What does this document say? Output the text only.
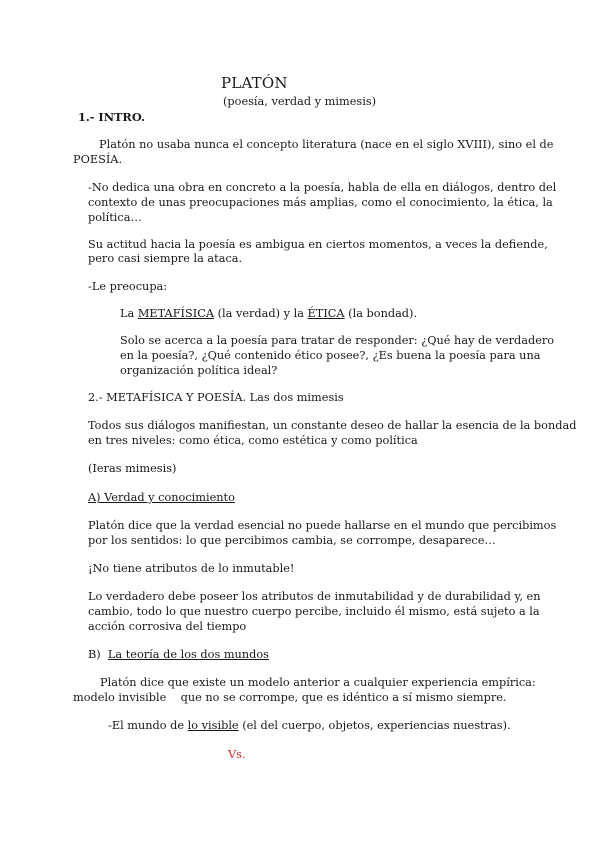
PLATÓN
(poesía, verdad y mimesis)
1.- INTRO.
Platón no usaba nunca el concepto literatura (nace en el siglo XVIII), sino el de
POESÍA.
-No dedica una obra en concreto a la poesía, habla de ella en diálogos, dentro del
contexto de unas preocupaciones más amplias, como el conocimiento, la ética, la
política…
Su actitud hacia la poesía es ambigua en ciertos momentos, a veces la defiende,
pero casi siempre la ataca.
-Le preocupa:
La METAFÍSICA (la verdad) y la ÉTICA (la bondad).
Solo se acerca a la poesía para tratar de responder: ¿Qué hay de verdadero
en la poesía?, ¿Qué contenido ético posee?, ¿Es buena la poesía para una
organización política ideal?
2.- METAFÍSICA Y POESÍA. Las dos mimesis
Todos sus diálogos manifiestan, un constante deseo de hallar la esencia de la bondad
en tres niveles: como ética, como estética y como política
(Ieras mimesis)
A) Verdad y conocimiento
Platón dice que la verdad esencial no puede hallarse en el mundo que percibimos
por los sentidos: lo que percibimos cambia, se corrompe, desaparece…
¡No tiene atributos de lo inmutable!
Lo verdadero debe poseer los atributos de inmutabilidad y de durabilidad y, en
cambio, todo lo que nuestro cuerpo percibe, incluido él mismo, está sujeto a la
acción corrosiva del tiempo
B) La teoría de los dos mundos
Platón dice que existe un modelo anterior a cualquier experiencia empírica:
modelo invisible    que no se corrompe, que es idéntico a sí mismo siempre.
-El mundo de lo visible (el del cuerpo, objetos, experiencias nuestras).
Vs.
